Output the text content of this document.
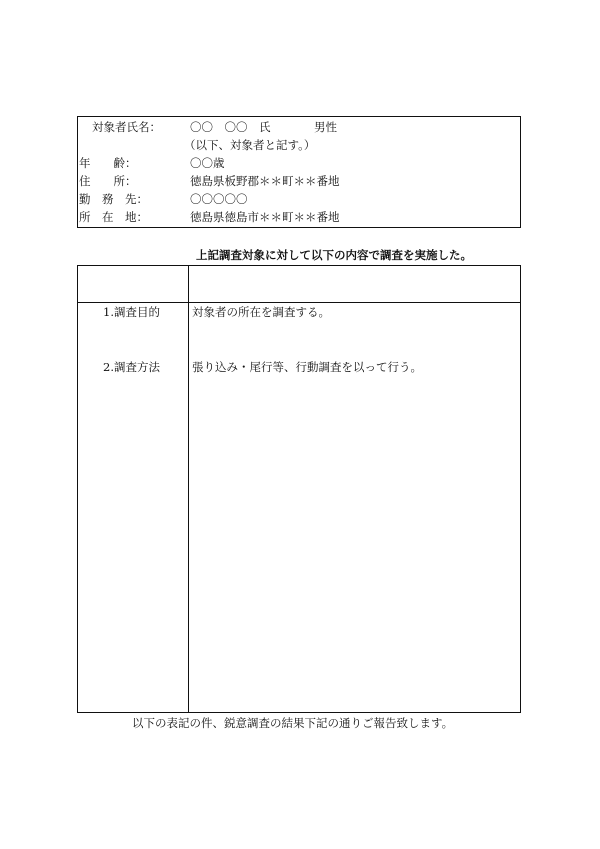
対象者氏名：	〇〇　〇〇　氏	男性
（以下、対象者と記す。）
年　　齢：	〇〇歳
住　　所：	徳島県板野郡＊＊町＊＊番地
勤　務　先：	〇〇〇〇〇
所　在　地：	徳島県徳島市＊＊町＊＊番地
上記調査対象に対して以下の内容で調査を実施した。
1.調査目的	対象者の所在を調査する。
2.調査方法	張り込み・尾行等、行動調査を以って行う。
以下の表記の件、鋭意調査の結果下記の通りご報告致します。
